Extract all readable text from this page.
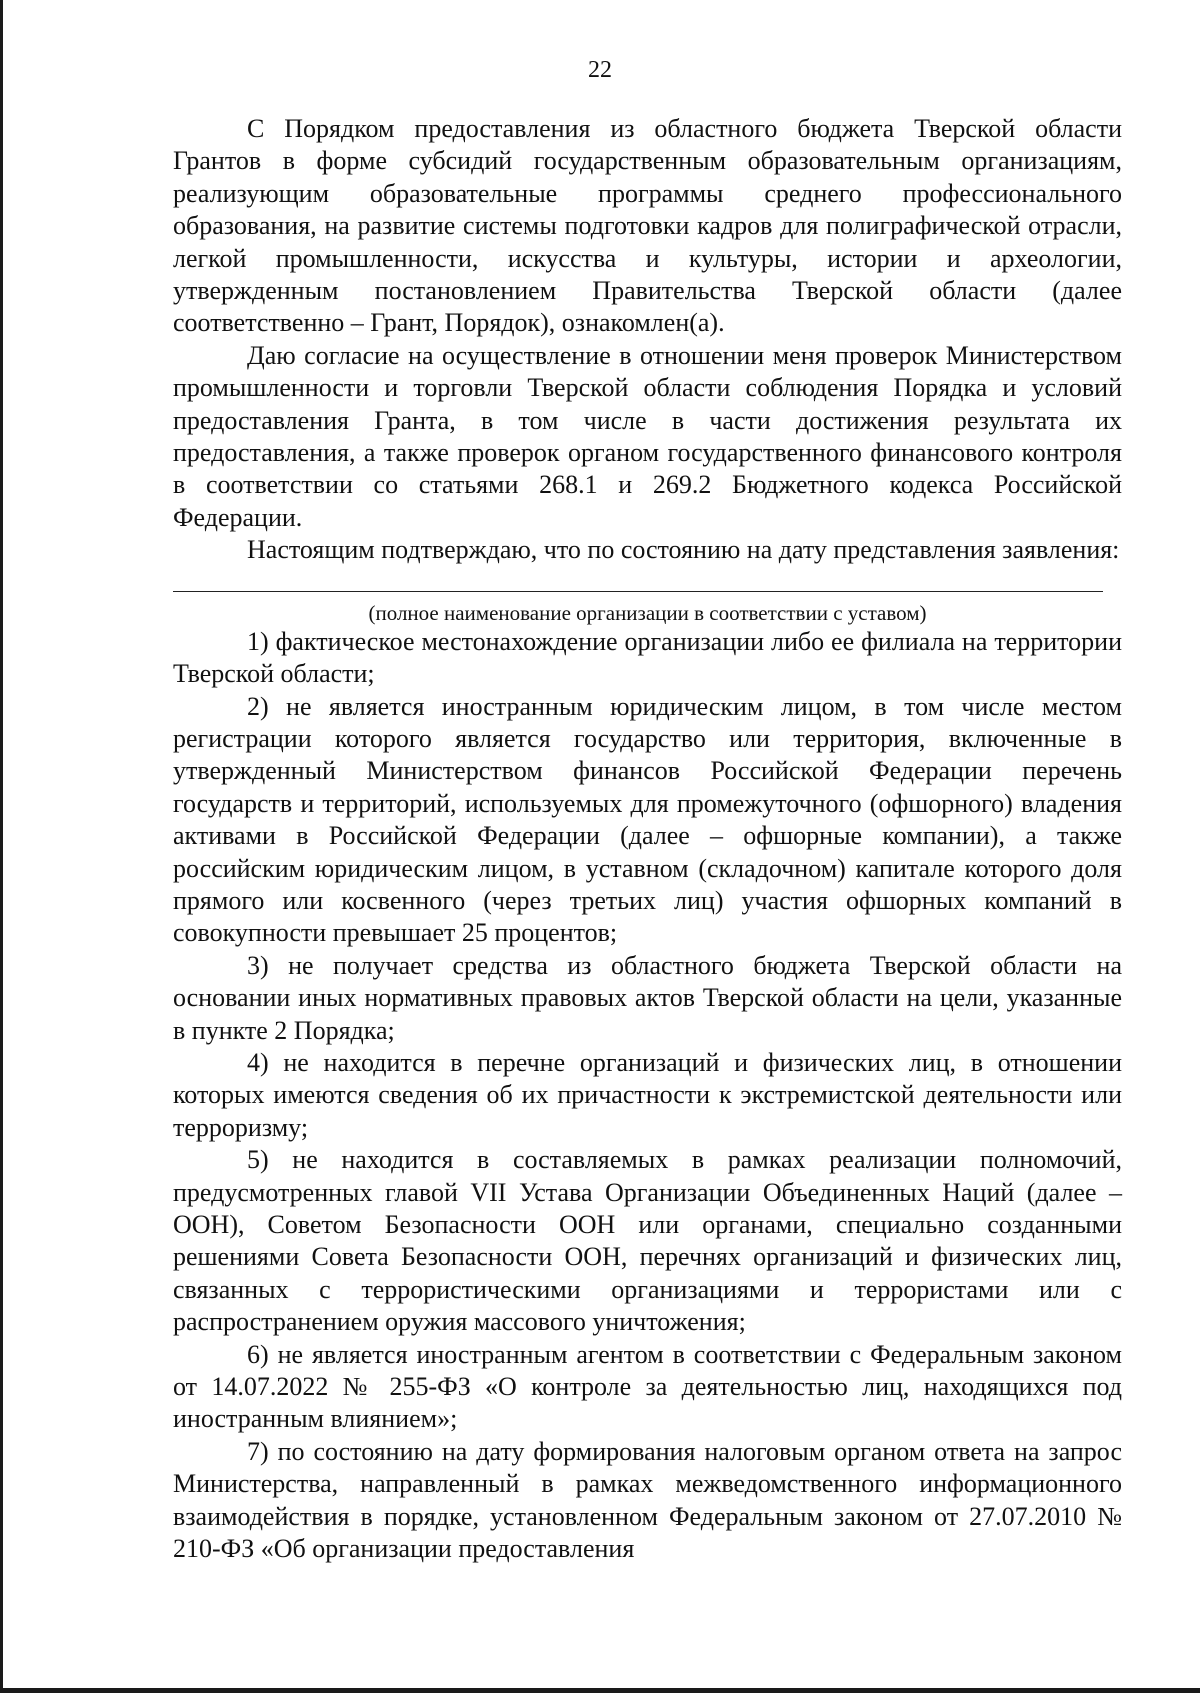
22

С Порядком предоставления из областного бюджета Тверской области Грантов в форме субсидий государственным образовательным организациям, реализующим образовательные программы среднего профессионального образования, на развитие системы подготовки кадров для полиграфической отрасли, легкой промышленности, искусства и культуры, истории и археологии, утвержденным постановлением Правительства Тверской области (далее соответственно – Грант, Порядок), ознакомлен(а).

Даю согласие на осуществление в отношении меня проверок Министерством промышленности и торговли Тверской области соблюдения Порядка и условий предоставления Гранта, в том числе в части достижения результата их предоставления, а также проверок органом государственного финансового контроля в соответствии со статьями 268.1 и 269.2 Бюджетного кодекса Российской Федерации.

Настоящим подтверждаю, что по состоянию на дату представления заявления:

(полное наименование организации в соответствии с уставом)

1) фактическое местонахождение организации либо ее филиала на территории Тверской области;

2) не является иностранным юридическим лицом, в том числе местом регистрации которого является государство или территория, включенные в утвержденный Министерством финансов Российской Федерации перечень государств и территорий, используемых для промежуточного (офшорного) владения активами в Российской Федерации (далее – офшорные компании), а также российским юридическим лицом, в уставном (складочном) капитале которого доля прямого или косвенного (через третьих лиц) участия офшорных компаний в совокупности превышает 25 процентов;

3) не получает средства из областного бюджета Тверской области на основании иных нормативных правовых актов Тверской области на цели, указанные в пункте 2 Порядка;

4) не находится в перечне организаций и физических лиц, в отношении которых имеются сведения об их причастности к экстремистской деятельности или терроризму;

5) не находится в составляемых в рамках реализации полномочий, предусмотренных главой VII Устава Организации Объединенных Наций (далее – ООН), Советом Безопасности ООН или органами, специально созданными решениями Совета Безопасности ООН, перечнях организаций и физических лиц, связанных с террористическими организациями и террористами или с распространением оружия массового уничтожения;

6) не является иностранным агентом в соответствии с Федеральным законом от 14.07.2022 № 255-ФЗ «О контроле за деятельностью лиц, находящихся под иностранным влиянием»;

7) по состоянию на дату формирования налоговым органом ответа на запрос Министерства, направленный в рамках межведомственного информационного взаимодействия в порядке, установленном Федеральным законом от 27.07.2010 № 210-ФЗ «Об организации предоставления
